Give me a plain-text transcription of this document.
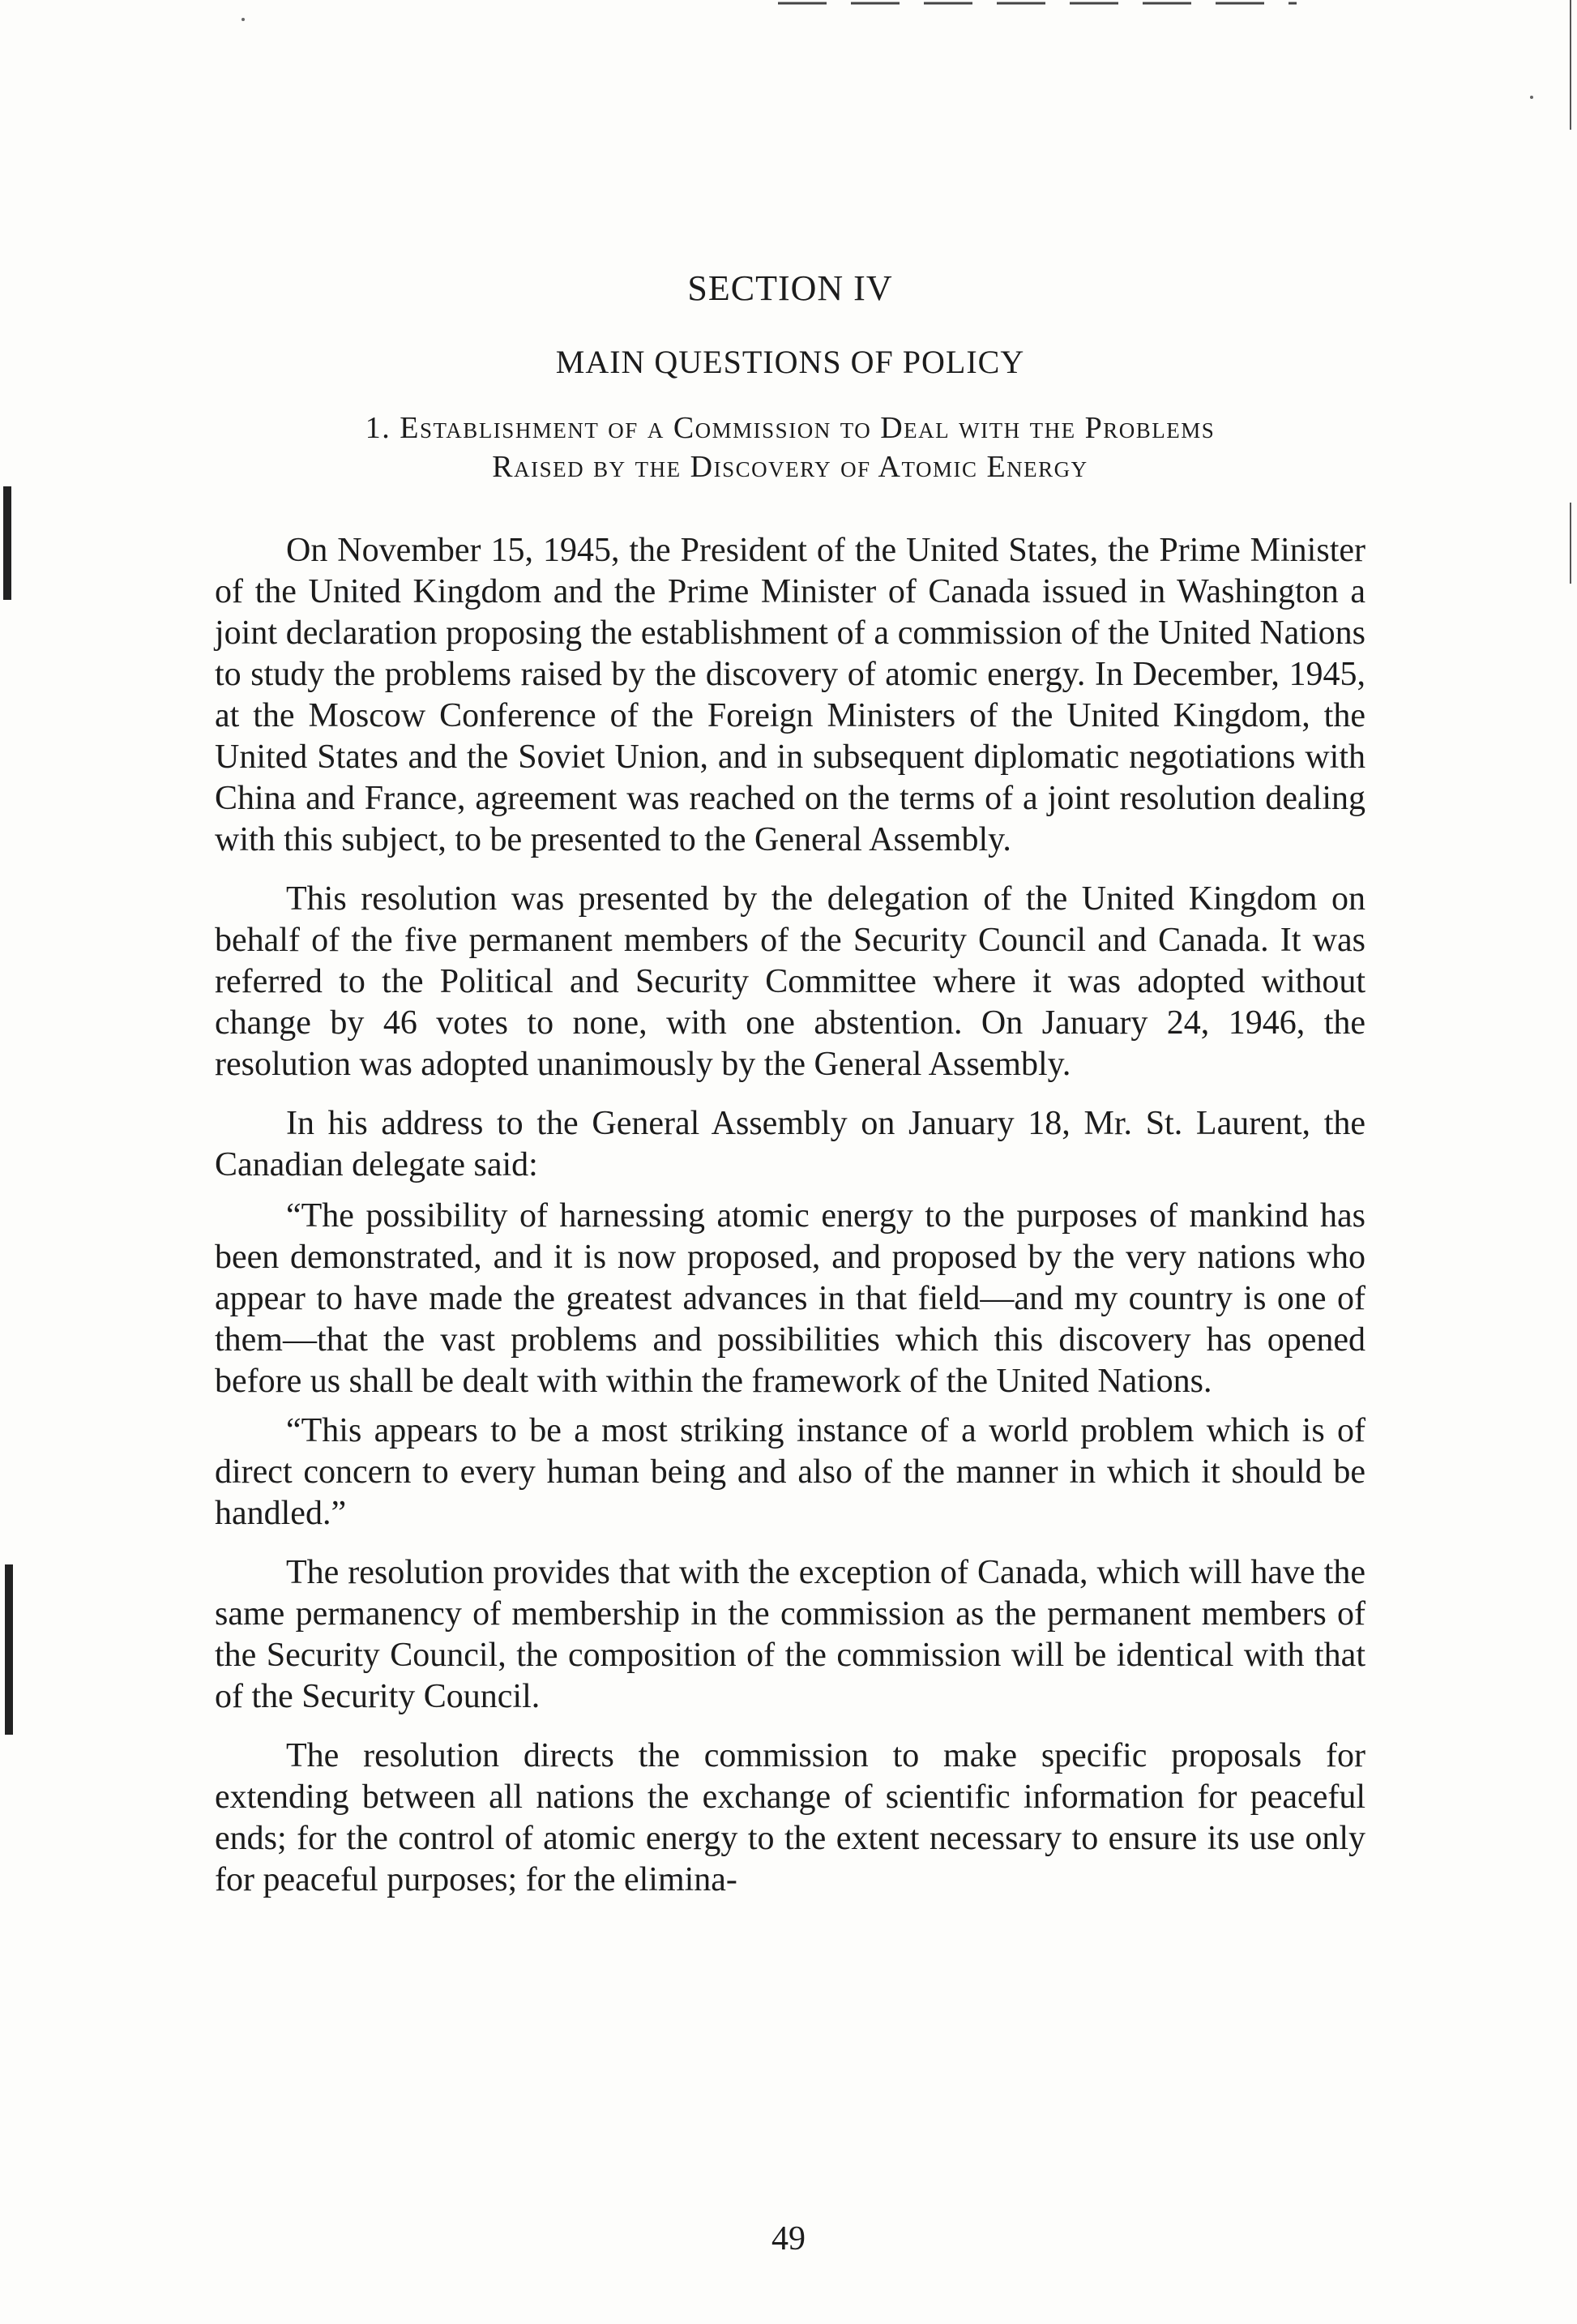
SECTION IV
MAIN QUESTIONS OF POLICY

1. Establishment of a Commission to Deal with the Problems

Raised by the Discovery of Atomic Energy

On November 15, 1945, the President of the United States, the Prime Minister of the United Kingdom and the Prime Minister of Canada issued in Washington a joint declaration proposing the establishment of a commission of the United Nations to study the problems raised by the discovery of atomic energy. In December, 1945, at the Moscow Conference of the Foreign Ministers of the United Kingdom, the United States and the Soviet Union, and in subsequent diplomatic negotiations with China and France, agreement was reached on the terms of a joint resolution dealing with this subject, to be presented to the General Assembly.

This resolution was presented by the delegation of the United Kingdom on behalf of the five permanent members of the Security Council and Canada. It was referred to the Political and Security Committee where it was adopted without change by 46 votes to none, with one abstention. On January 24, 1946, the resolution was adopted unanimously by the General Assembly.

In his address to the General Assembly on January 18, Mr. St. Laurent, the Canadian delegate said:

“The possibility of harnessing atomic energy to the purposes of mankind has been demonstrated, and it is now proposed, and proposed by the very nations who appear to have made the greatest advances in that field—and my country is one of them—that the vast problems and possibilities which this discovery has opened before us shall be dealt with within the framework of the United Nations.

“This appears to be a most striking instance of a world problem which is of direct concern to every human being and also of the manner in which it should be handled.”

The resolution provides that with the exception of Canada, which will have the same permanency of membership in the commission as the permanent members of the Security Council, the composition of the commission will be identical with that of the Security Council.

The resolution directs the commission to make specific proposals for extending between all nations the exchange of scientific information for peaceful ends; for the control of atomic energy to the extent necessary to ensure its use only for peaceful purposes; for the elimina-

49
